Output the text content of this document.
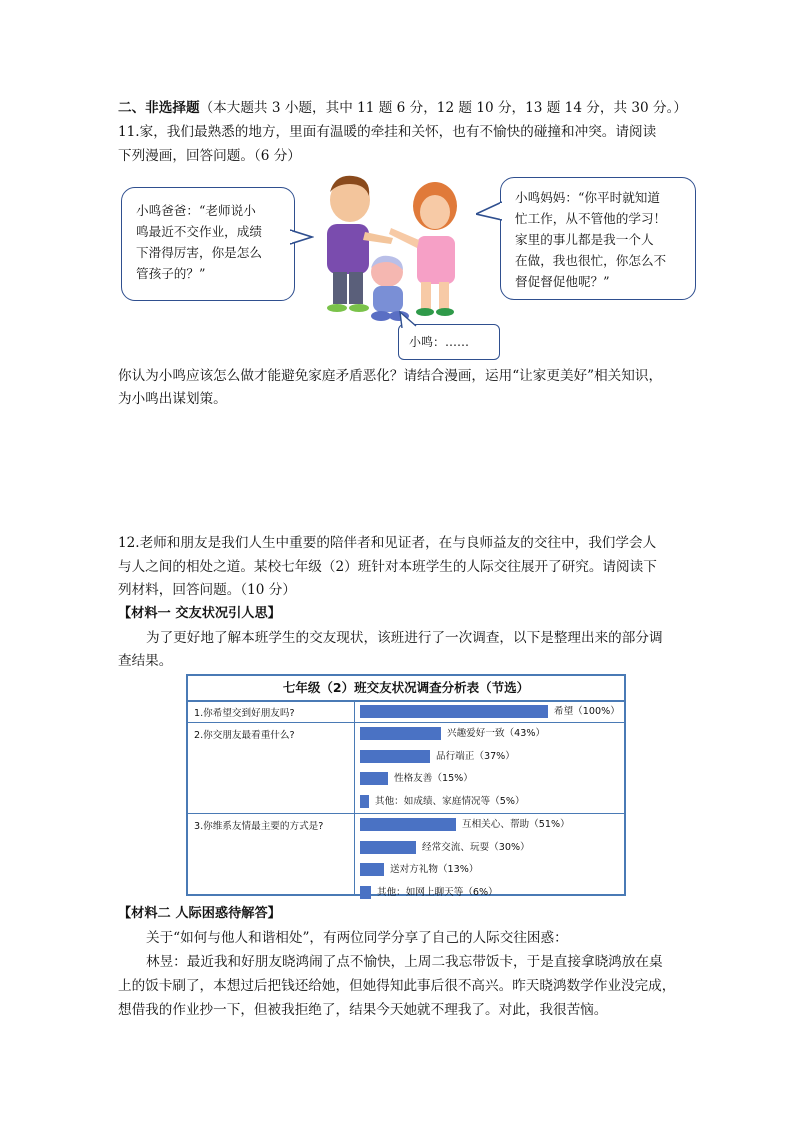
二、非选择题（本大题共 3 小题，其中 11 题 6 分，12 题 10 分，13 题 14 分，共 30 分。）
11.家，我们最熟悉的地方，里面有温暖的牵挂和关怀，也有不愉快的碰撞和冲突。请阅读
下列漫画，回答问题。（6 分）
小鸣爸爸：“老师说小
鸣最近不交作业，成绩
下滑得厉害，你是怎么
管孩子的？”
小鸣妈妈：“你平时就知道
忙工作，从不管他的学习！
家里的事儿都是我一个人
在做，我也很忙，你怎么不
督促督促他呢？”
小鸣：……
你认为小鸣应该怎么做才能避免家庭矛盾恶化？请结合漫画，运用“让家更美好”相关知识，
为小鸣出谋划策。
12.老师和朋友是我们人生中重要的陪伴者和见证者，在与良师益友的交往中，我们学会人
与人之间的相处之道。某校七年级（2）班针对本班学生的人际交往展开了研究。请阅读下
列材料，回答问题。（10 分）
【材料一 交友状况引人思】
为了更好地了解本班学生的交友现状，该班进行了一次调查，以下是整理出来的部分调
查结果。
七年级（2）班交友状况调查分析表（节选）
1.你希望交到好朋友吗?
2.你交朋友最看重什么?
3.你维系友情最主要的方式是?
希望（100%）
兴趣爱好一致（43%）
品行端正（37%）
性格友善（15%）
其他：如成绩、家庭情况等（5%）
互相关心、帮助（51%）
经常交流、玩耍（30%）
送对方礼物（13%）
其他：如网上聊天等（6%）
【材料二 人际困惑待解答】
关于“如何与他人和谐相处”，有两位同学分享了自己的人际交往困惑：
林昱：最近我和好朋友晓鸿闹了点不愉快，上周二我忘带饭卡，于是直接拿晓鸿放在桌
上的饭卡刷了，本想过后把钱还给她，但她得知此事后很不高兴。昨天晓鸿数学作业没完成，
想借我的作业抄一下，但被我拒绝了，结果今天她就不理我了。对此，我很苦恼。
